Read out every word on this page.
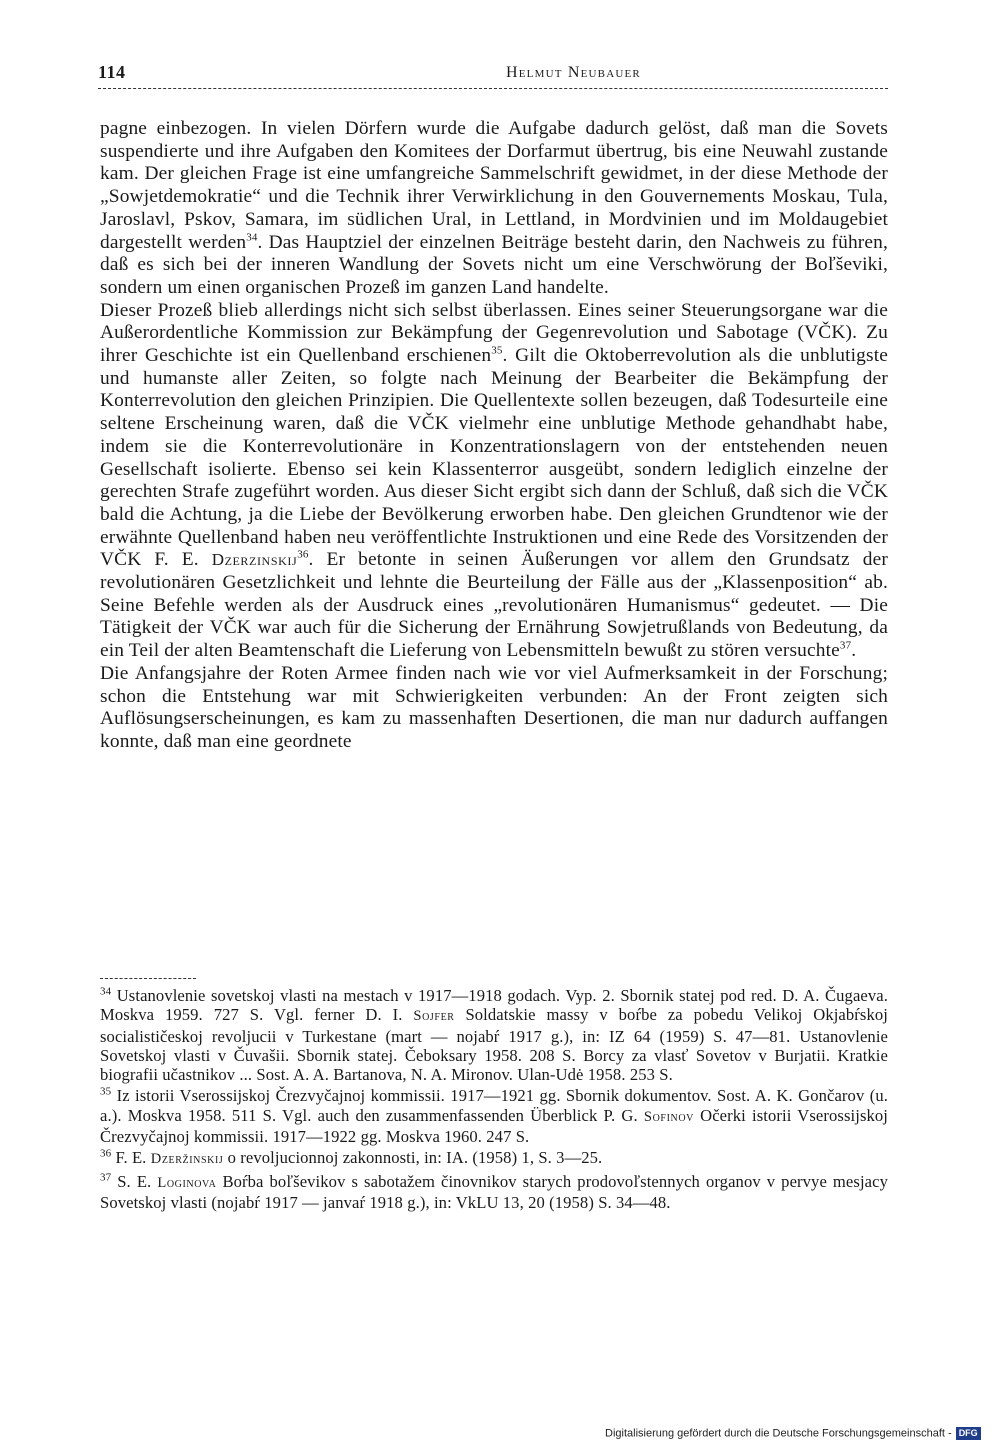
114	Helmut Neubauer

pagne einbezogen. In vielen Dörfern wurde die Aufgabe dadurch gelöst, daß man die Sovets suspendierte und ihre Aufgaben den Komitees der Dorfarmut übertrug, bis eine Neuwahl zustande kam. Der gleichen Frage ist eine umfangreiche Sammelschrift gewidmet, in der diese Methode der „Sowjetdemokratie“ und die Technik ihrer Verwirklichung in den Gouvernements Moskau, Tula, Jaroslavl, Pskov, Samara, im südlichen Ural, in Lettland, in Mordvinien und im Moldaugebiet dargestellt werden$^{34}$. Das Hauptziel der einzelnen Beiträge besteht darin, den Nachweis zu führen, daß es sich bei der inneren Wandlung der Sovets nicht um eine Verschwörung der Boľševiki, sondern um einen organischen Prozeß im ganzen Land handelte.

Dieser Prozeß blieb allerdings nicht sich selbst überlassen. Eines seiner Steuerungsorgane war die Außerordentliche Kommission zur Bekämpfung der Gegenrevolution und Sabotage (VČK). Zu ihrer Geschichte ist ein Quellenband erschienen$^{35}$. Gilt die Oktoberrevolution als die unblutigste und humanste aller Zeiten, so folgte nach Meinung der Bearbeiter die Bekämpfung der Konterrevolution den gleichen Prinzipien. Die Quellentexte sollen bezeugen, daß Todesurteile eine seltene Erscheinung waren, daß die VČK vielmehr eine unblutige Methode gehandhabt habe, indem sie die Konterrevolutionäre in Konzentrationslagern von der entstehenden neuen Gesellschaft isolierte. Ebenso sei kein Klassenterror ausgeübt, sondern lediglich einzelne der gerechten Strafe zugeführt worden. Aus dieser Sicht ergibt sich dann der Schluß, daß sich die VČK bald die Achtung, ja die Liebe der Bevölkerung erworben habe. Den gleichen Grundtenor wie der erwähnte Quellenband haben neu veröffentlichte Instruktionen und eine Rede des Vorsitzenden der VČK F. E. Dzerzinskij$^{36}$. Er betonte in seinen Äußerungen vor allem den Grundsatz der revolutionären Gesetzlichkeit und lehnte die Beurteilung der Fälle aus der „Klassenposition“ ab. Seine Befehle werden als der Ausdruck eines „revolutionären Humanismus“ gedeutet. — Die Tätigkeit der VČK war auch für die Sicherung der Ernährung Sowjetrußlands von Bedeutung, da ein Teil der alten Beamtenschaft die Lieferung von Lebensmitteln bewußt zu stören versuchte$^{37}$.

Die Anfangsjahre der Roten Armee finden nach wie vor viel Aufmerksamkeit in der Forschung; schon die Entstehung war mit Schwierigkeiten verbunden: An der Front zeigten sich Auflösungserscheinungen, es kam zu massenhaften Desertionen, die man nur dadurch auffangen konnte, daß man eine geordnete

$^{34}$ Ustanovlenie sovetskoj vlasti na mestach v 1917—1918 godach. Vyp. 2. Sbornik statej pod red. D. A. Čugaeva. Moskva 1959. 727 S. Vgl. ferner D. I. Sojfer Soldatskie massy v boŕbe za pobedu Velikoj Okjabŕskoj socialističeskoj revoljucii v Turkestane (mart — nojabŕ 1917 g.), in: IZ 64 (1959) S. 47—81. Ustanovlenie Sovetskoj vlasti v Čuvašii. Sbornik statej. Čeboksary 1958. 208 S. Borcy za vlasť Sovetov v Burjatii. Kratkie biografii učastnikov ... Sost. A. A. Bartanova, N. A. Mironov. Ulan-Udė 1958. 253 S.

$^{35}$ Iz istorii Vserossijskoj Črezvyčajnoj kommissii. 1917—1921 gg. Sbornik dokumentov. Sost. A. K. Gončarov (u. a.). Moskva 1958. 511 S. Vgl. auch den zusammenfassenden Überblick P. G. Sofinov Očerki istorii Vserossijskoj Črezvyčajnoj kommissii. 1917—1922 gg. Moskva 1960. 247 S.

$^{36}$ F. E. Dzeržinskij o revoljucionnoj zakonnosti, in: IA. (1958) 1, S. 3—25.

$^{37}$ S. E. Loginova Boŕba boľševikov s sabotažem činovnikov starych prodovoľstennych organov v pervye mesjacy Sovetskoj vlasti (nojabŕ 1917 — janvaŕ 1918 g.), in: VkLU 13, 20 (1958) S. 34—48.

Digitalisierung gefördert durch die Deutsche Forschungsgemeinschaft - DFG
